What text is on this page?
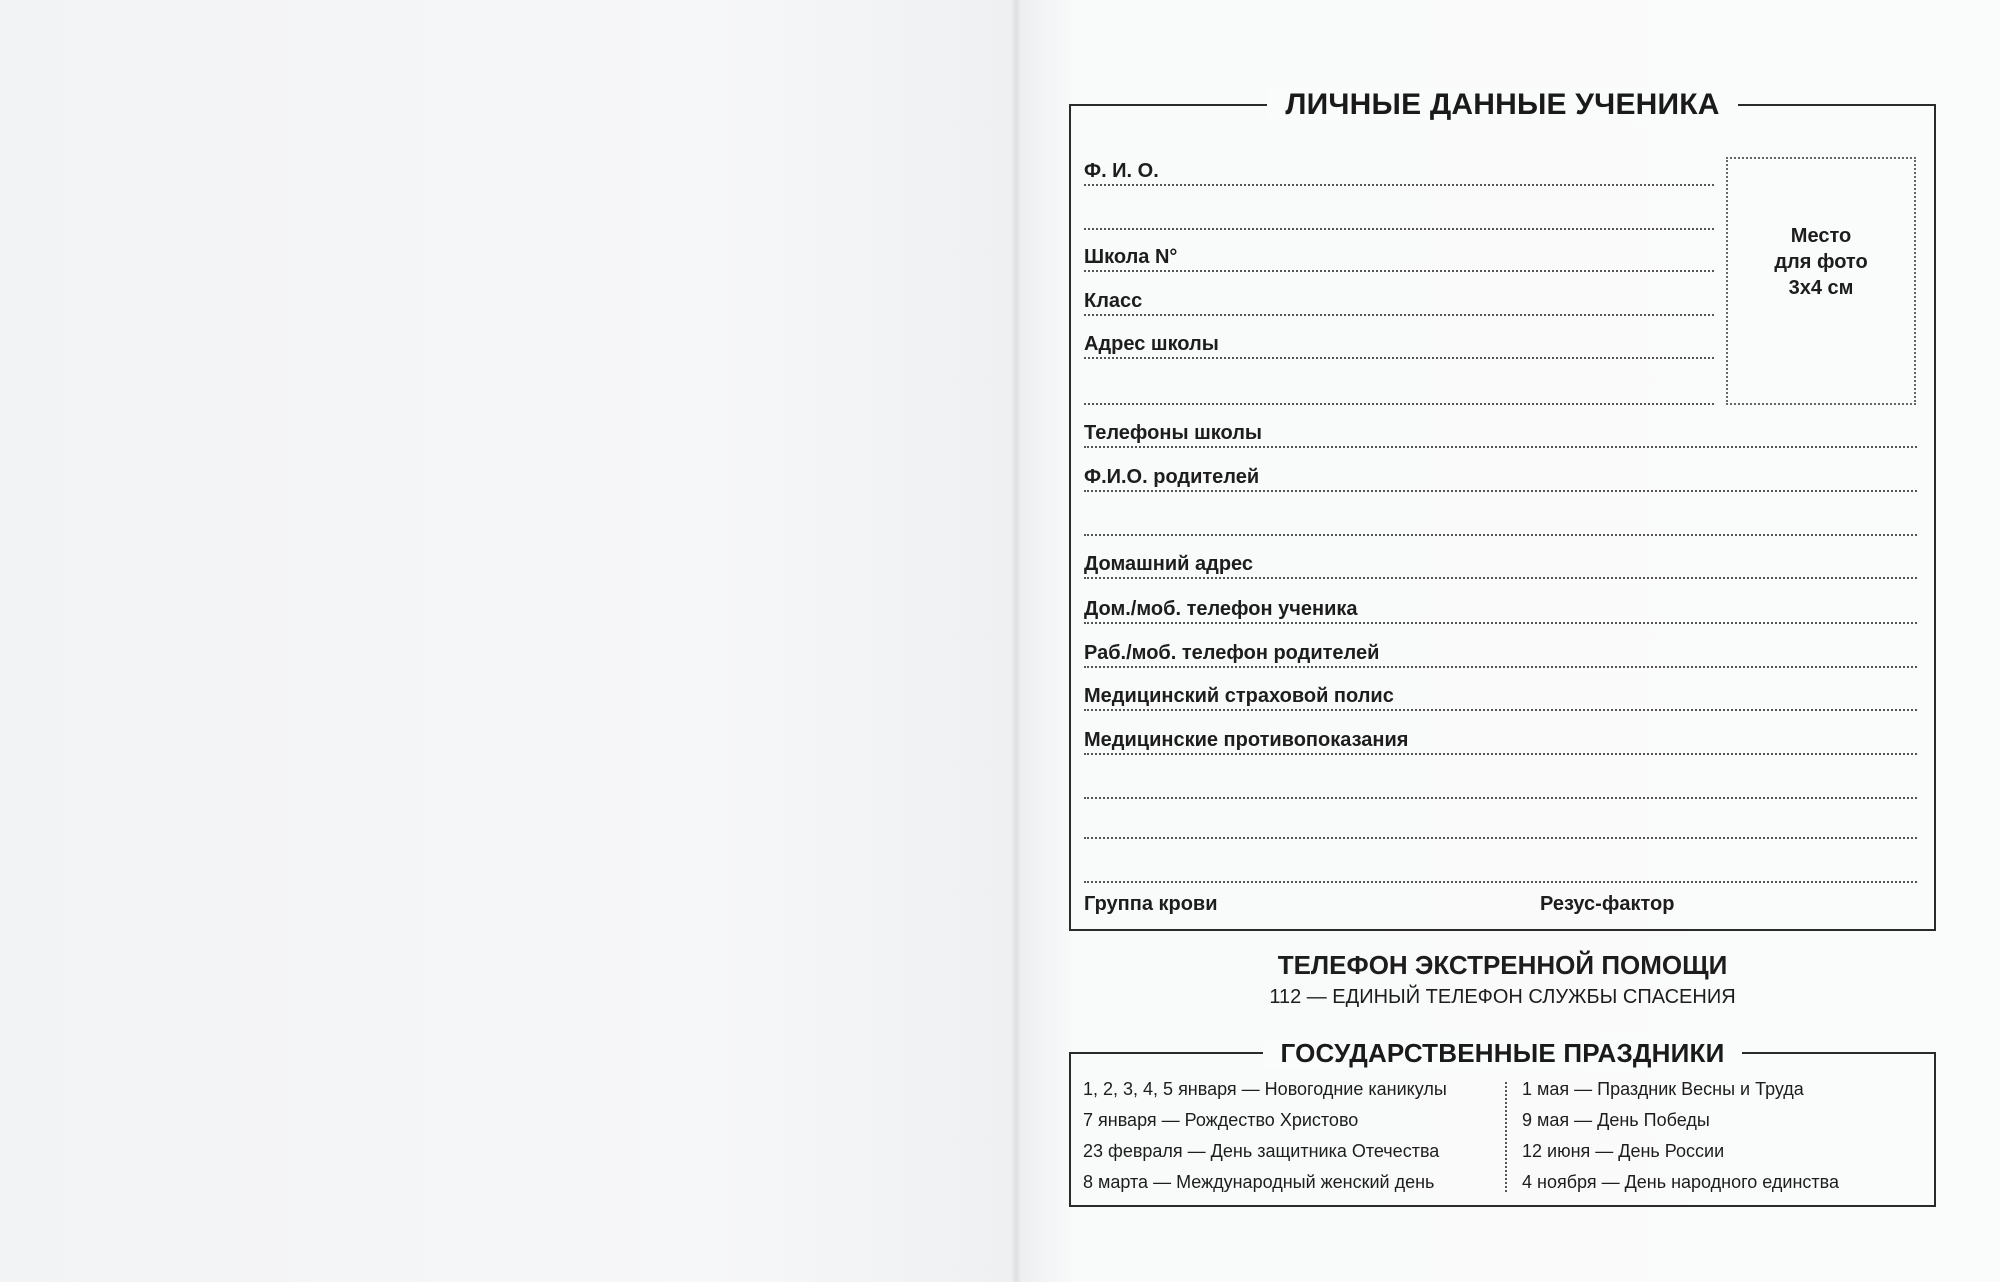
ЛИЧНЫЕ ДАННЫЕ УЧЕНИКА
Место
для фото
3x4 см
Ф. И. О.
Школа N°
Класс
Адрес школы
Телефоны школы
Ф.И.О. родителей
Домашний адрес
Дом./моб. телефон ученика
Раб./моб. телефон родителей
Медицинский страховой полис
Медицинские противопоказания
Группа крови	Резус-фактор
ТЕЛЕФОН ЭКСТРЕННОЙ ПОМОЩИ
112 — ЕДИНЫЙ ТЕЛЕФОН СЛУЖБЫ СПАСЕНИЯ
ГОСУДАРСТВЕННЫЕ ПРАЗДНИКИ
1, 2, 3, 4, 5 января — Новогодние каникулы
7 января — Рождество Христово
23 февраля — День защитника Отечества
8 марта — Международный женский день
1 мая — Праздник Весны и Труда
9 мая — День Победы
12 июня — День России
4 ноября — День народного единства
